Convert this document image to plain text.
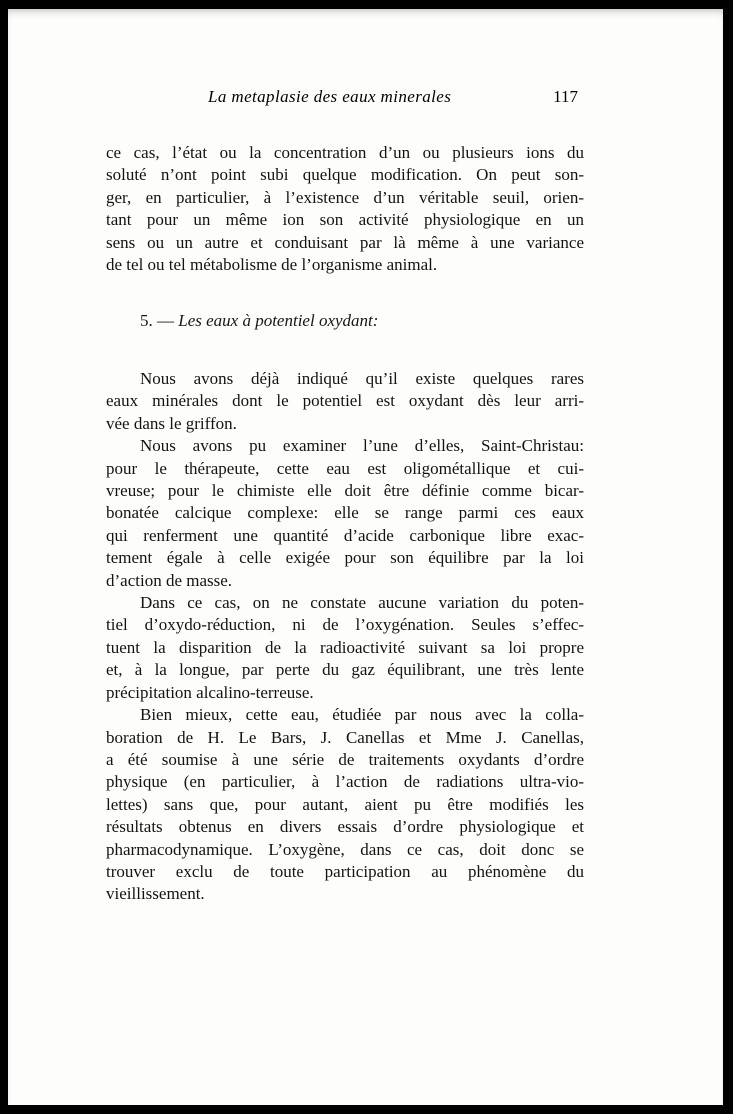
La metaplasie des eaux minerales	117
ce cas, l’état ou la concentration d’un ou plusieurs ions du
soluté n’ont point subi quelque modification. On peut son-
ger, en particulier, à l’existence d’un véritable seuil, orien-
tant pour un même ion son activité physiologique en un
sens ou un autre et conduisant par là même à une variance
de tel ou tel métabolisme de l’organisme animal.
5. — Les eaux à potentiel oxydant:
Nous avons déjà indiqué qu’il existe quelques rares
eaux minérales dont le potentiel est oxydant dès leur arri-
vée dans le griffon.
Nous avons pu examiner l’une d’elles, Saint-Christau:
pour le thérapeute, cette eau est oligométallique et cui-
vreuse; pour le chimiste elle doit être définie comme bicar-
bonatée calcique complexe: elle se range parmi ces eaux
qui renferment une quantité d’acide carbonique libre exac-
tement égale à celle exigée pour son équilibre par la loi
d’action de masse.
Dans ce cas, on ne constate aucune variation du poten-
tiel d’oxydo-réduction, ni de l’oxygénation. Seules s’effec-
tuent la disparition de la radioactivité suivant sa loi propre
et, à la longue, par perte du gaz équilibrant, une très lente
précipitation alcalino-terreuse.
Bien mieux, cette eau, étudiée par nous avec la colla-
boration de H. Le Bars, J. Canellas et Mme J. Canellas,
a été soumise à une série de traitements oxydants d’ordre
physique (en particulier, à l’action de radiations ultra-vio-
lettes) sans que, pour autant, aient pu être modifiés les
résultats obtenus en divers essais d’ordre physiologique et
pharmacodynamique. L’oxygène, dans ce cas, doit donc se
trouver exclu de toute participation au phénomène du
vieillissement.
